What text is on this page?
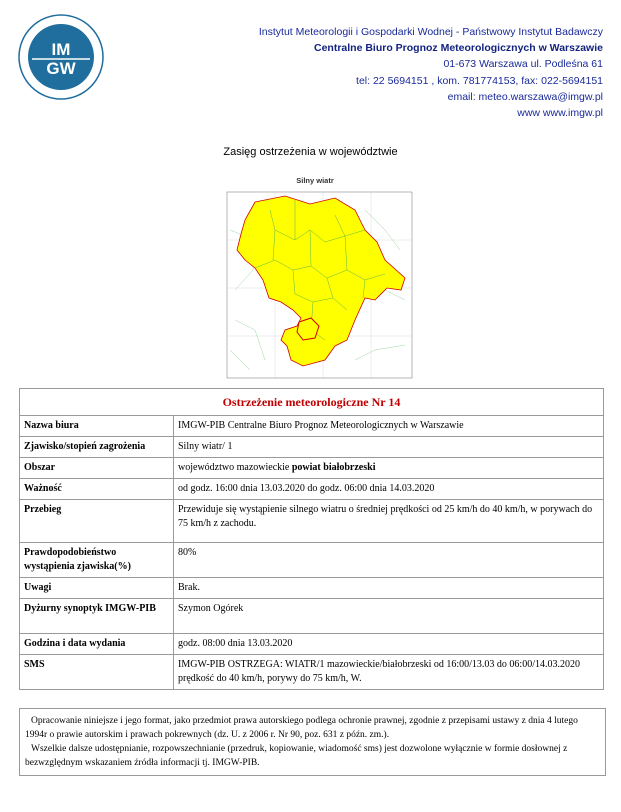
IM
GW
Instytut Meteorologii i Gospodarki Wodnej - Państwowy Instytut Badawczy
Centralne Biuro Prognoz Meteorologicznych w Warszawie
01-673 Warszawa ul. Podleśna 61
tel: 22 5694151 , kom. 781774153, fax: 022-5694151
email: meteo.warszawa@imgw.pl
www www.imgw.pl
Zasięg ostrzeżenia w województwie
Silny wiatr
Ostrzeżenie meteorologiczne Nr 14	
Nazwa biura	IMGW-PIB Centralne Biuro Prognoz Meteorologicznych w Warszawie
Zjawisko/stopień zagrożenia	Silny wiatr/ 1
Obszar	województwo mazowieckie powiat białobrzeski
Ważność	od godz. 16:00 dnia 13.03.2020 do godz. 06:00 dnia 14.03.2020
Przebieg	Przewiduje się wystąpienie silnego wiatru o średniej prędkości od 25 km/h do 40 km/h, w porywach do 75 km/h z zachodu.
Prawdopodobieństwo wystąpienia zjawiska(%)	80%
Uwagi	Brak.
Dyżurny synoptyk IMGW-PIB	Szymon Ogórek
Godzina i data wydania	godz. 08:00 dnia 13.03.2020
SMS	IMGW-PIB OSTRZEGA: WIATR/1 mazowieckie/białobrzeski od 16:00/13.03 do 06:00/14.03.2020 prędkość do 40 km/h, porywy do 75 km/h, W.

Opracowanie niniejsze i jego format, jako przedmiot prawa autorskiego podlega ochronie prawnej, zgodnie z przepisami ustawy z dnia 4 lutego 1994r o prawie autorskim i prawach pokrewnych (dz. U. z 2006 r. Nr 90, poz. 631 z późn. zm.).

Wszelkie dalsze udostępnianie, rozpowszechnianie (przedruk, kopiowanie, wiadomość sms) jest dozwolone wyłącznie w formie dosłownej z bezwzględnym wskazaniem źródła informacji tj. IMGW-PIB.
